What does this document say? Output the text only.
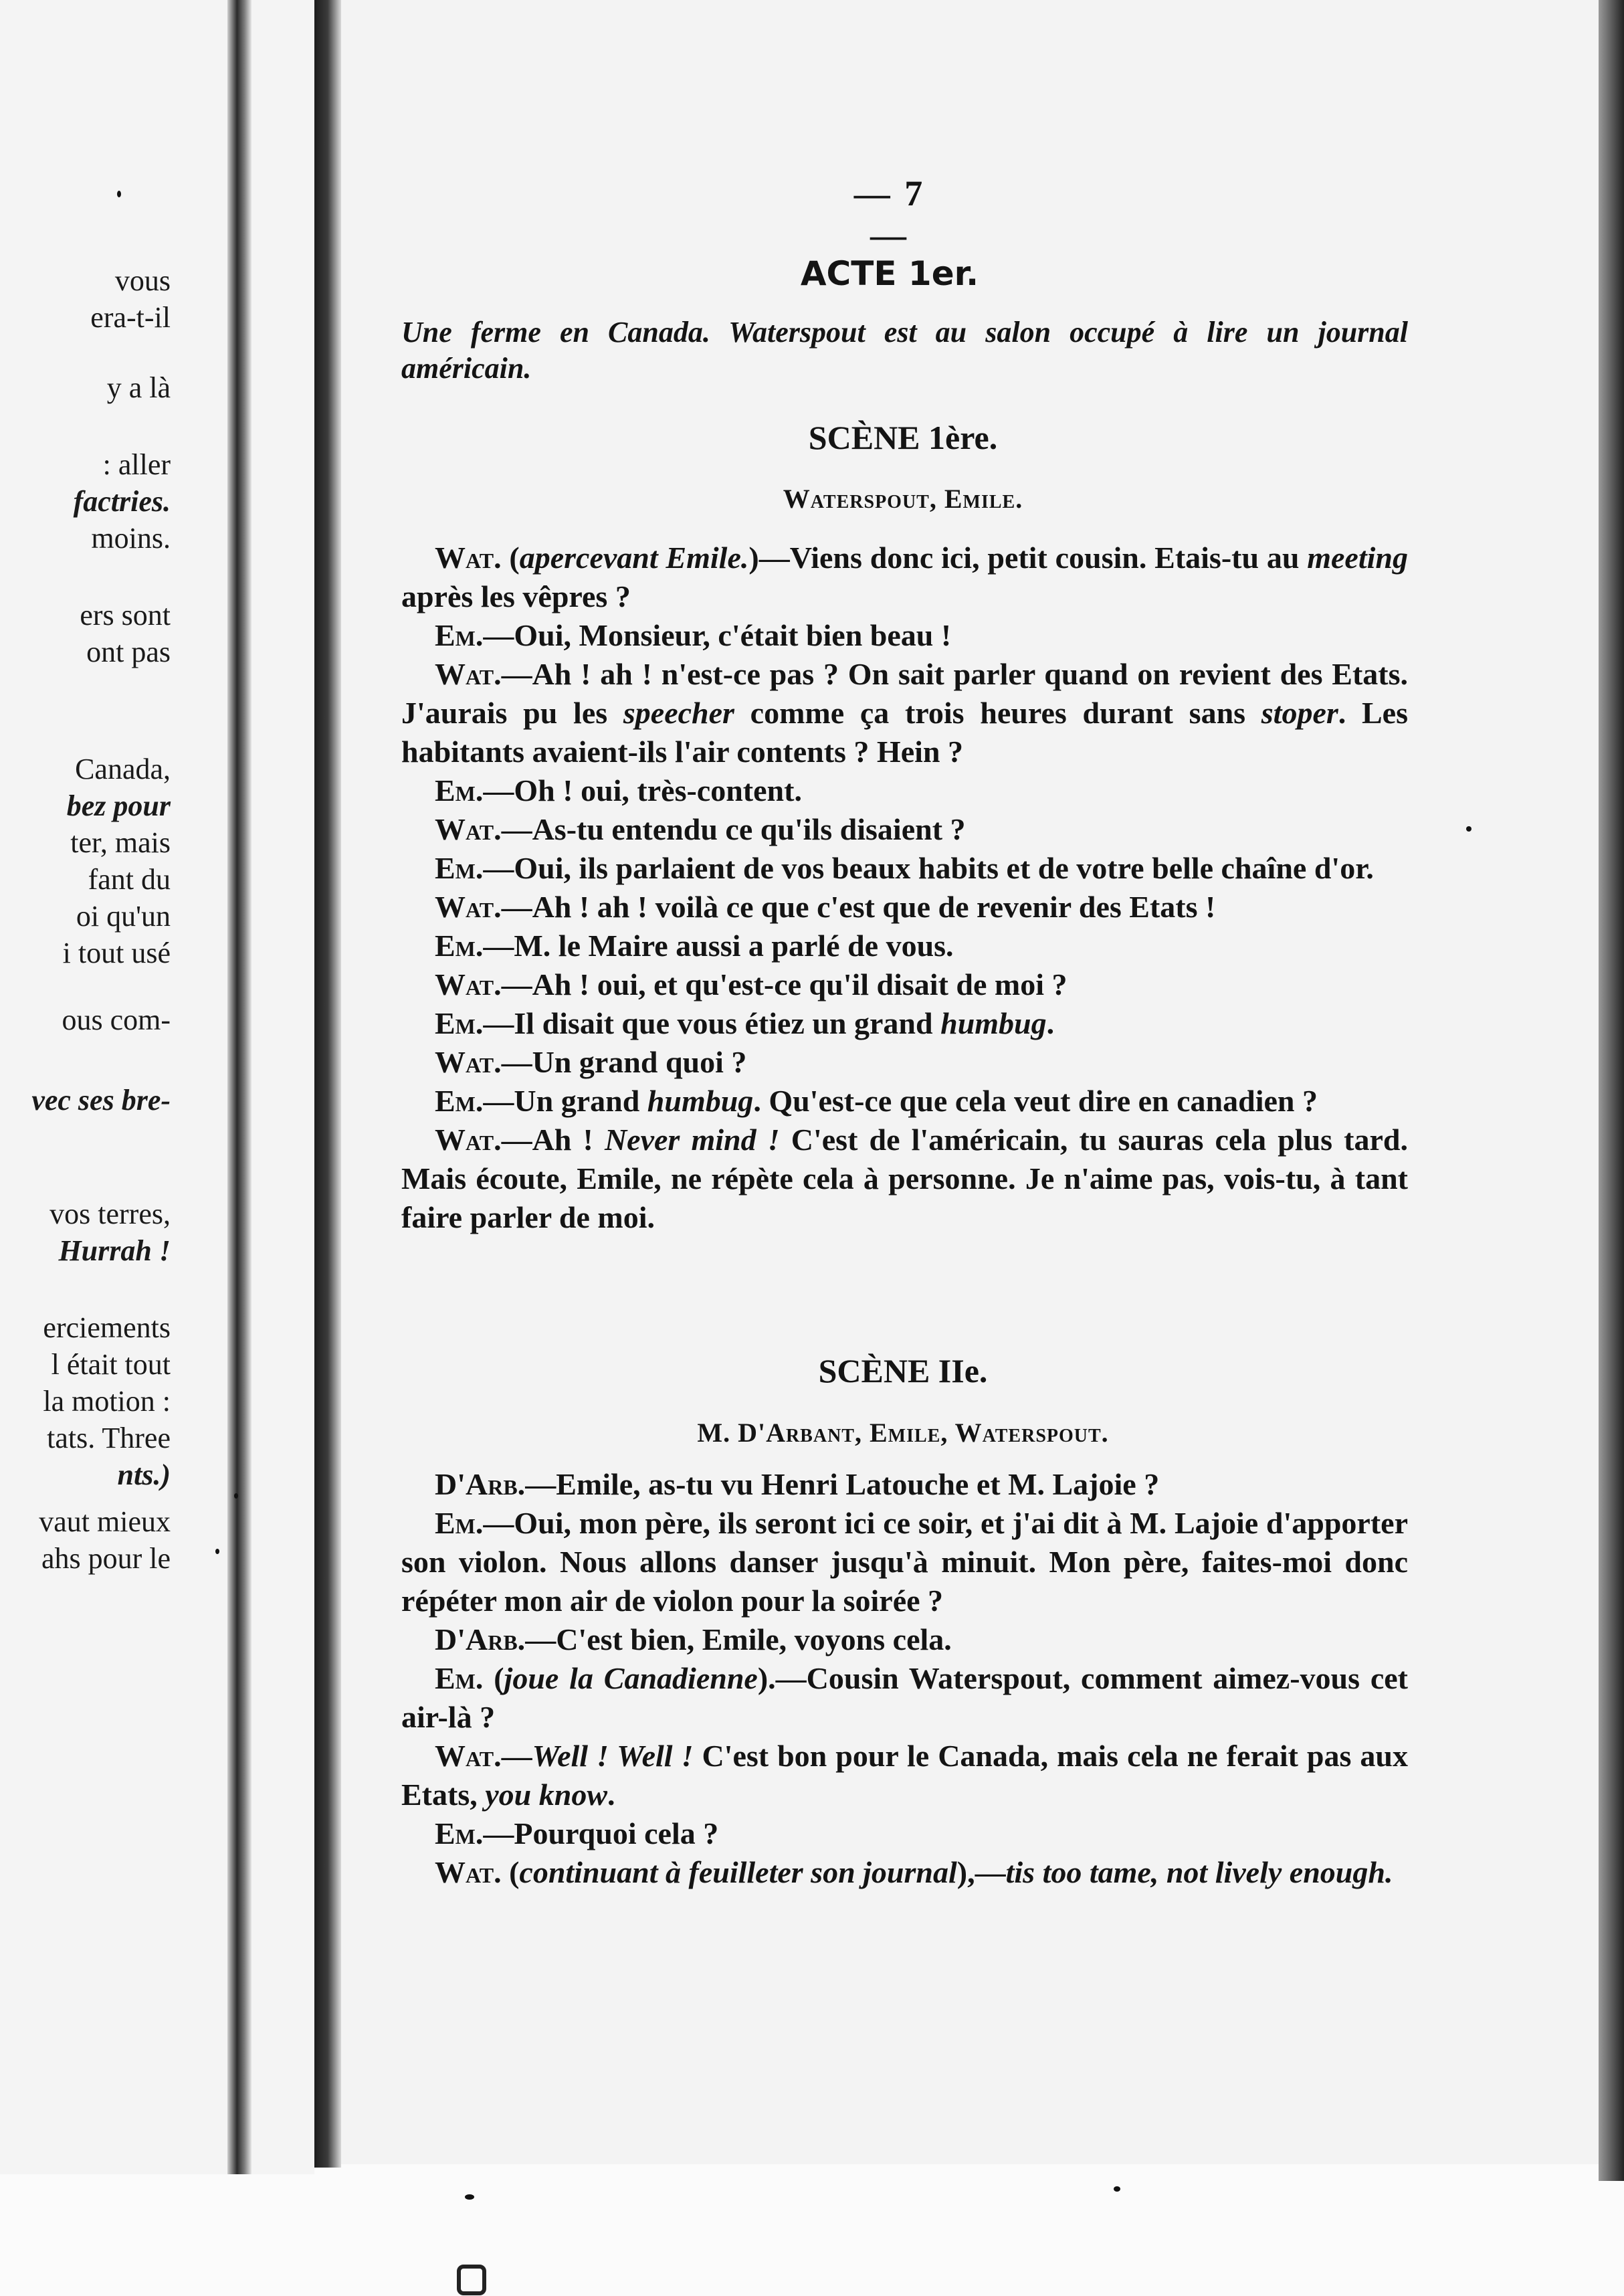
vous
era-t-il
y a là
: aller
factries.
moins.
ers sont
ont pas
Canada,
bez pour
ter, mais
fant du
oi qu'un
i tout usé
ous com-
vec ses bre-
vos terres,
Hurrah !
erciements
l était tout
la motion :
tats. Three
nts.)
vaut mieux
ahs pour le
— 7 —
ACTE 1er.
Une ferme en Canada. Waterspout est au salon occupé à lire un journal américain.
SCÈNE 1ère.
Waterspout, Emile.

Wat. (apercevant Emile.)—Viens donc ici, petit cousin. Etais-tu au meeting après les vêpres ?

Em.—Oui, Monsieur, c'était bien beau !

Wat.—Ah ! ah ! n'est-ce pas ? On sait parler quand on revient des Etats. J'aurais pu les speecher comme ça trois heures durant sans stoper. Les habitants avaient-ils l'air contents ? Hein ?

Em.—Oh ! oui, très-content.

Wat.—As-tu entendu ce qu'ils disaient ?

Em.—Oui, ils parlaient de vos beaux habits et de votre belle chaîne d'or.

Wat.—Ah ! ah ! voilà ce que c'est que de revenir des Etats !

Em.—M. le Maire aussi a parlé de vous.

Wat.—Ah ! oui, et qu'est-ce qu'il disait de moi ?

Em.—Il disait que vous étiez un grand humbug.

Wat.—Un grand quoi ?

Em.—Un grand humbug. Qu'est-ce que cela veut dire en canadien ?

Wat.—Ah ! Never mind ! C'est de l'américain, tu sauras cela plus tard. Mais écoute, Emile, ne répète cela à personne. Je n'aime pas, vois-tu, à tant faire parler de moi.

SCÈNE IIe.
M. D'Arbant, Emile, Waterspout.

D'Arb.—Emile, as-tu vu Henri Latouche et M. Lajoie ?

Em.—Oui, mon père, ils seront ici ce soir, et j'ai dit à M. Lajoie d'apporter son violon. Nous allons danser jusqu'à minuit. Mon père, faites-moi donc répéter mon air de violon pour la soirée ?

D'Arb.—C'est bien, Emile, voyons cela.

Em. (joue la Canadienne).—Cousin Waterspout, comment aimez-vous cet air-là ?

Wat.—Well ! Well ! C'est bon pour le Canada, mais cela ne ferait pas aux Etats, you know.

Em.—Pourquoi cela ?

Wat. (continuant à feuilleter son journal),—tis too tame, not lively enough.
